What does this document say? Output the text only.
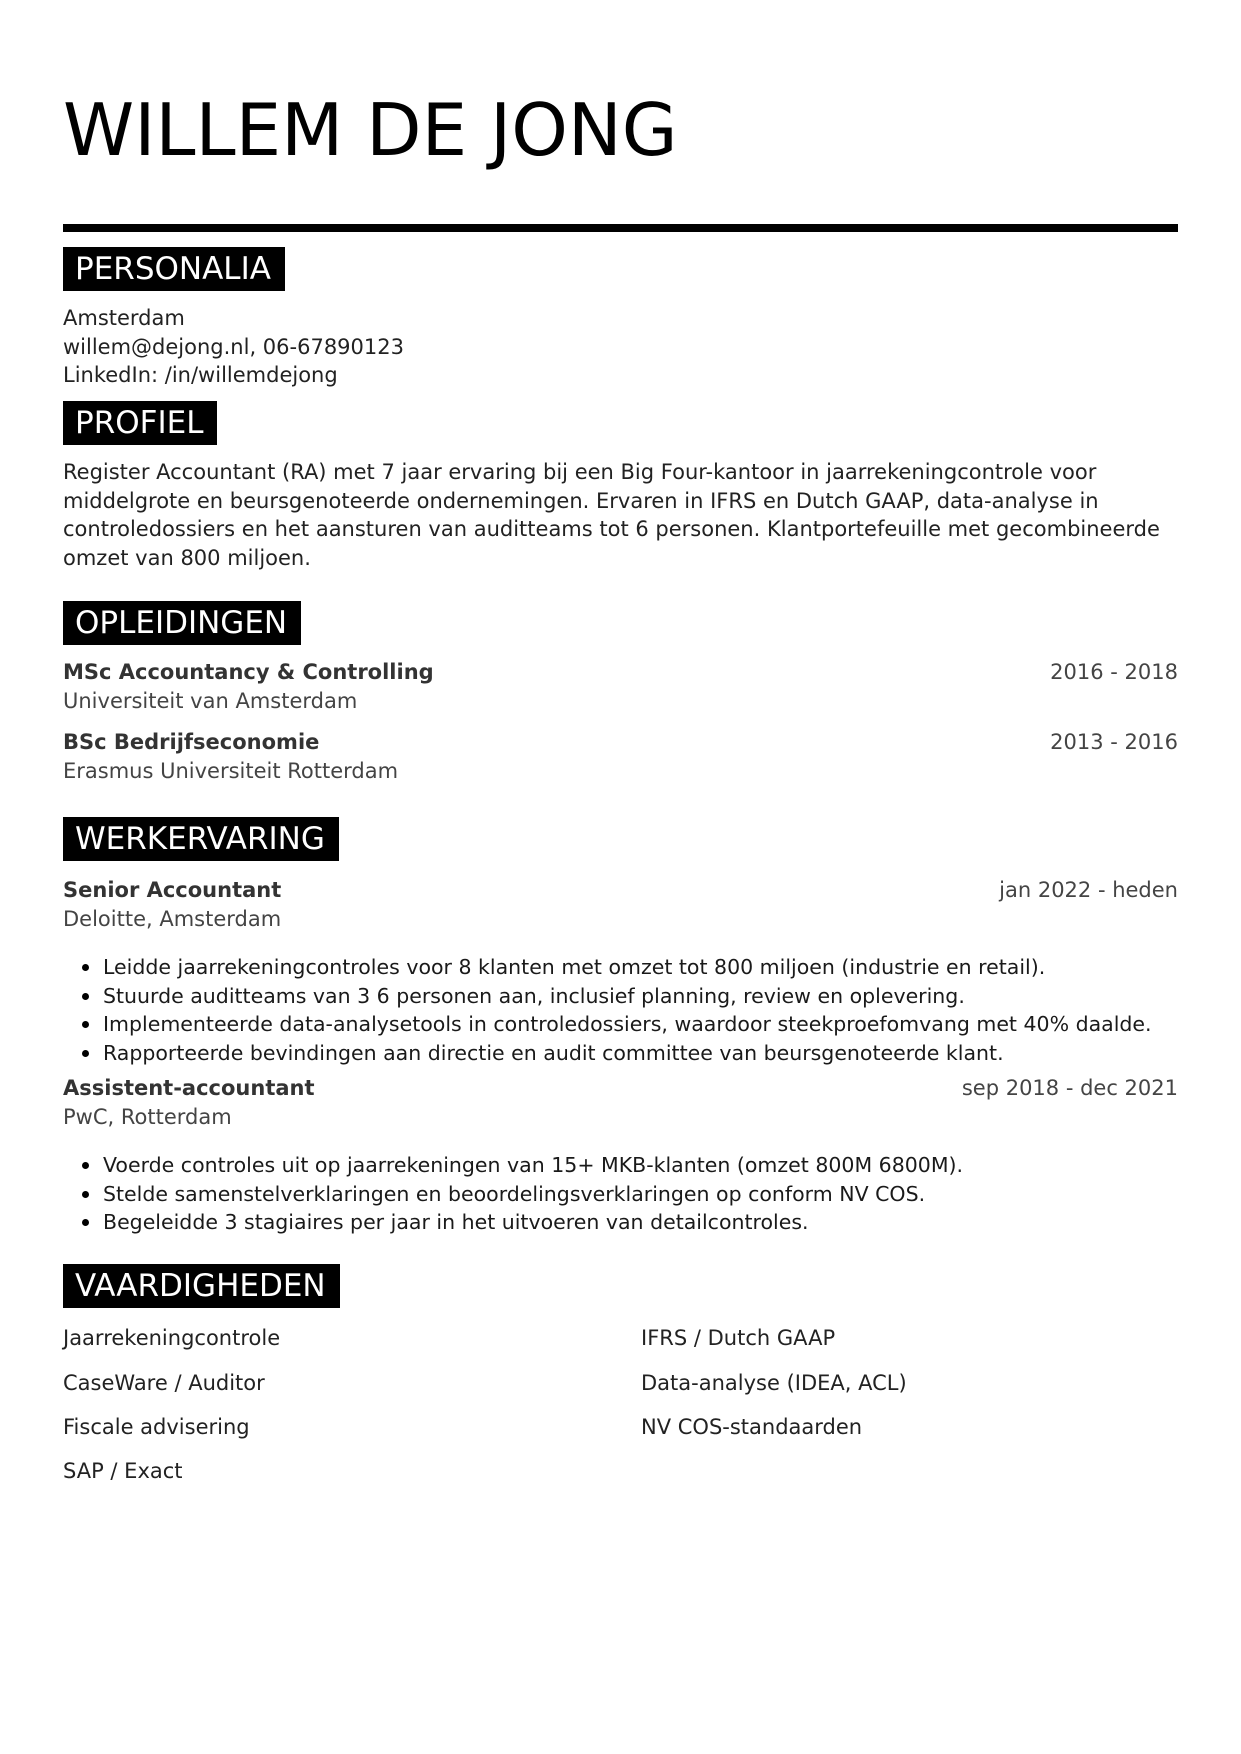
WILLEM DE JONG
PERSONALIA
Amsterdam
willem@dejong.nl, 06-67890123
LinkedIn: /in/willemdejong
PROFIEL
Register Accountant (RA) met 7 jaar ervaring bij een Big Four-kantoor in jaarrekeningcontrole voor middelgrote en beursgenoteerde ondernemingen. Ervaren in IFRS en Dutch GAAP, data-analyse in controledossiers en het aansturen van auditteams tot 6 personen. Klantportefeuille met gecombineerde omzet van 800 miljoen.
OPLEIDINGEN
MSc Accountancy & Controlling
Universiteit van Amsterdam
2016 - 2018
BSc Bedrijfseconomie
Erasmus Universiteit Rotterdam
2013 - 2016
WERKERVARING
Senior Accountant
Deloitte, Amsterdam
jan 2022 - heden
Leidde jaarrekeningcontroles voor 8 klanten met omzet tot 800 miljoen (industrie en retail).
Stuurde auditteams van 3 6 personen aan, inclusief planning, review en oplevering.
Implementeerde data-analysetools in controledossiers, waardoor steekproefomvang met 40% daalde.
Rapporteerde bevindingen aan directie en audit committee van beursgenoteerde klant.
Assistent-accountant
PwC, Rotterdam
sep 2018 - dec 2021
Voerde controles uit op jaarrekeningen van 15+ MKB-klanten (omzet 800M 6800M).
Stelde samenstelverklaringen en beoordelingsverklaringen op conform NV COS.
Begeleidde 3 stagiaires per jaar in het uitvoeren van detailcontroles.
VAARDIGHEDEN
Jaarrekeningcontrole
CaseWare / Auditor
Fiscale advisering
SAP / Exact
IFRS / Dutch GAAP
Data-analyse (IDEA, ACL)
NV COS-standaarden
